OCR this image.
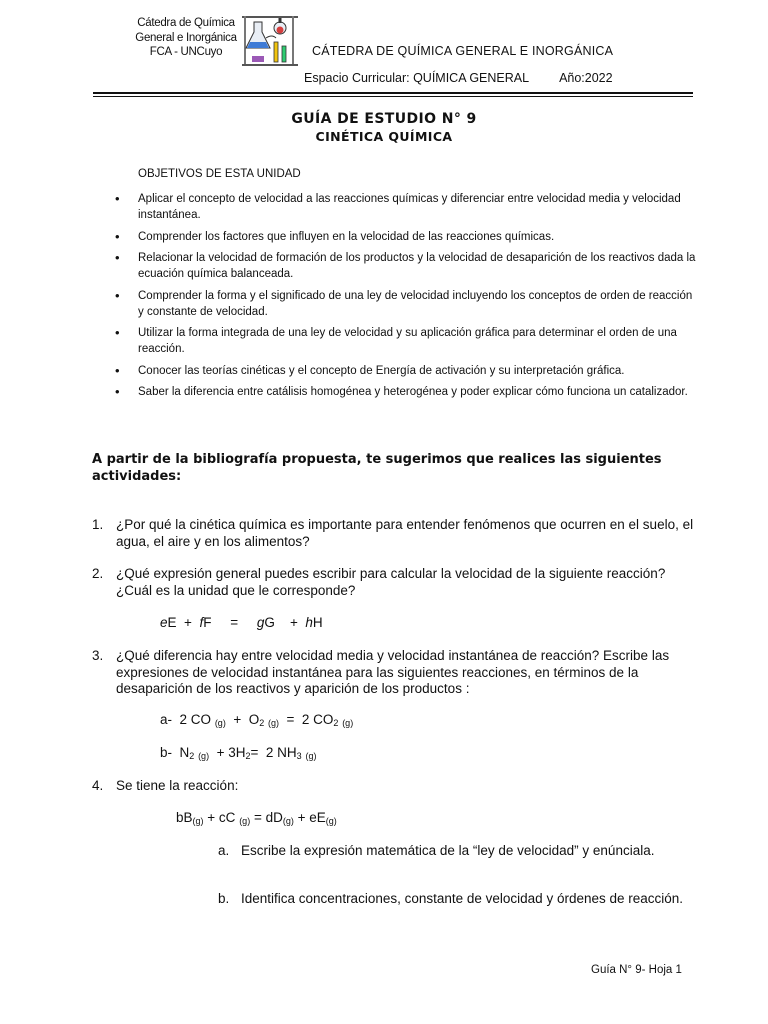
Cátedra de Química
General e Inorgánica
FCA - UNCuyo	CÁTEDRA DE QUÍMICA GENERAL E INORGÁNICA
Espacio Curricular: QUÍMICA GENERAL Año:2022
GUÍA DE ESTUDIO N° 9
CINÉTICA QUÍMICA
OBJETIVOS DE ESTA UNIDAD
• Aplicar el concepto de velocidad a las reacciones químicas y diferenciar entre velocidad media y velocidad instantánea.
• Comprender los factores que influyen en la velocidad de las reacciones químicas.
• Relacionar la velocidad de formación de los productos y la velocidad de desaparición de los reactivos dada la ecuación química balanceada.
• Comprender la forma y el significado de una ley de velocidad incluyendo los conceptos de orden de reacción y constante de velocidad.
• Utilizar la forma integrada de una ley de velocidad y su aplicación gráfica para determinar el orden de una reacción.
• Conocer las teorías cinéticas y el concepto de Energía de activación y su interpretación gráfica.
• Saber la diferencia entre catálisis homogénea y heterogénea y poder explicar cómo funciona un catalizador.
A partir de la bibliografía propuesta, te sugerimos que realices las siguientes actividades:
1. ¿Por qué la cinética química es importante para entender fenómenos que ocurren en el suelo, el agua, el aire y en los alimentos?
2. ¿Qué expresión general puedes escribir para calcular la velocidad de la siguiente reacción? ¿Cuál es la unidad que le corresponde?
eE + fF = gG + hH
3. ¿Qué diferencia hay entre velocidad media y velocidad instantánea de reacción? Escribe las expresiones de velocidad instantánea para las siguientes reacciones, en términos de la desaparición de los reactivos y aparición de los productos :
a- 2 CO $_{(g)} + O_2$ $_{(g)}$  =  2 $CO_2$ $_{(g)}$
b- $N_2$ $_{(g)} + 3H_2= 2$ $NH_3$ $_{(g)}$
4. Se tiene la reacción:
$bB_{(g)}$ + cC $_{(g)} = dD_{(g)} + eE_{(g)}$
a. Escribe la expresión matemática de la “ley de velocidad” y enúnciala.
b. Identifica concentraciones, constante de velocidad y órdenes de reacción.
Guía N° 9- Hoja 1
